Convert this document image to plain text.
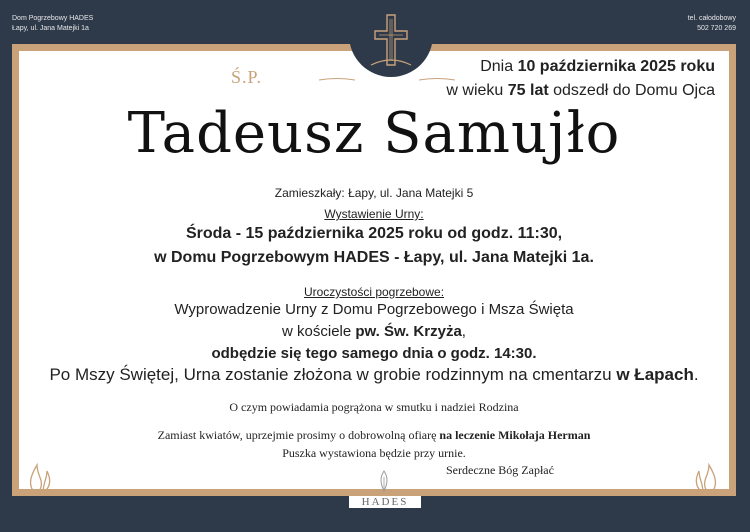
Dom Pogrzebowy HADES
Łapy, ul. Jana Matejki 1a
tel. całodobowy
502 720 269
Ś.P.
Dnia 10 października 2025 roku
w wieku 75 lat odszedł do Domu Ojca
Tadeusz Samujło
Zamieszkały: Łapy, ul. Jana Matejki 5
Wystawienie Urny:
Środa - 15 października 2025 roku od godz. 11:30,
w Domu Pogrzebowym HADES - Łapy, ul. Jana Matejki 1a.
Uroczystości pogrzebowe:
Wyprowadzenie Urny z Domu Pogrzebowego i Msza Święta
w kościele pw. Św. Krzyża,
odbędzie się tego samego dnia o godz. 14:30.
Po Mszy Świętej, Urna zostanie złożona w grobie rodzinnym na cmentarzu w Łapach.
O czym powiadamia pogrążona w smutku i nadziei Rodzina
Zamiast kwiatów, uprzejmie prosimy o dobrowolną ofiarę na leczenie Mikołaja Herman
Puszka wystawiona będzie przy urnie.
Serdeczne Bóg Zapłać
HADES
